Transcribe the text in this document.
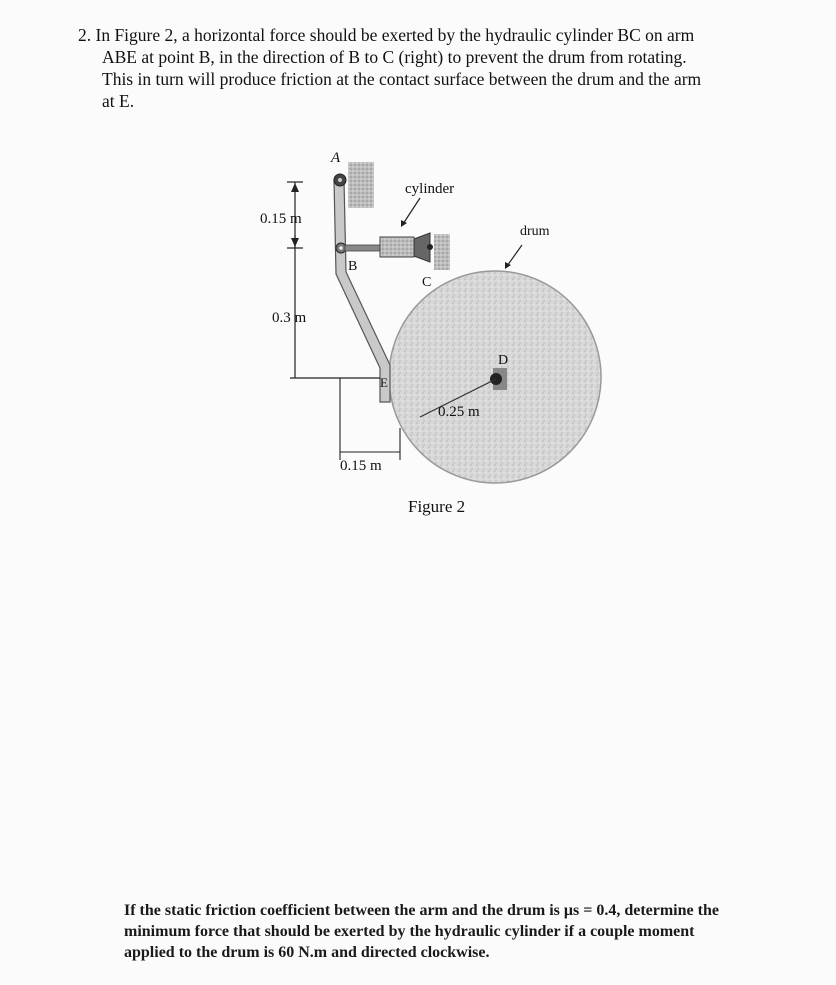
2. In Figure 2, a horizontal force should be exerted by the hydraulic cylinder BC on arm

ABE at point B, in the direction of B to C (right) to prevent the drum from rotating.

This in turn will produce friction at the contact surface between the drum and the arm

at E.

A
B
C
D
E
cylinder
drum
0.15 m
0.3 m
0.25 m
0.15 m
Figure 2
If the static friction coefficient between the arm and the drum is μs = 0.4, determine the
minimum force that should be exerted by the hydraulic cylinder if a couple moment
applied to the drum is 60 N.m and directed clockwise.
